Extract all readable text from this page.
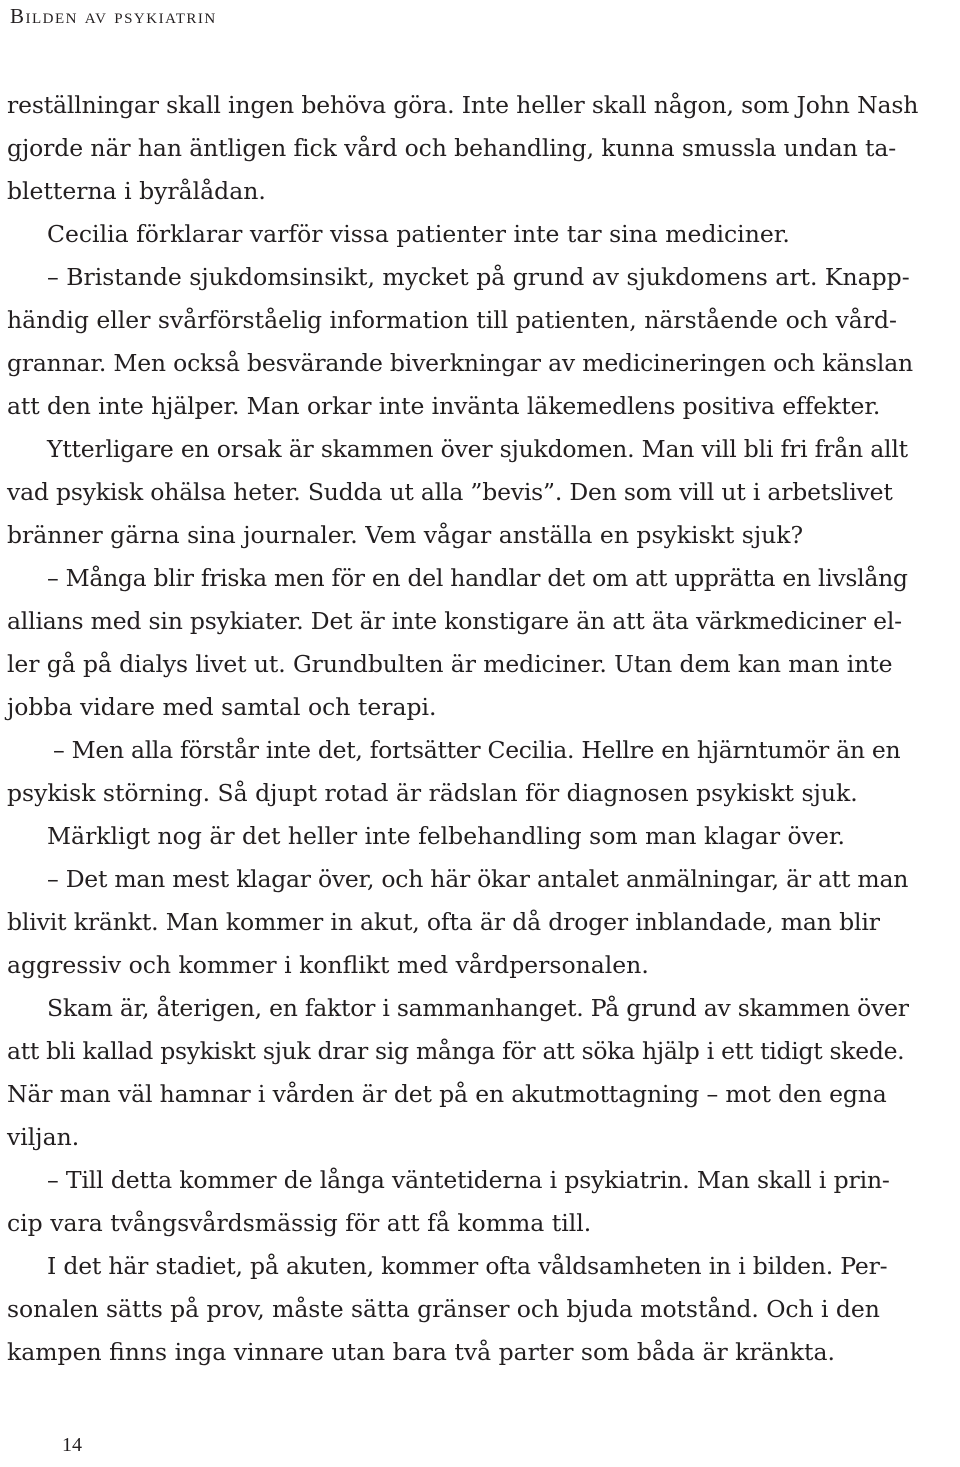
Bilden av psykiatrin
reställningar skall ingen behöva göra. Inte heller skall någon, som John Nash
gjorde när han äntligen fick vård och behandling, kunna smussla undan ta-
bletterna i byrålådan.
Cecilia förklarar varför vissa patienter inte tar sina mediciner.
– Bristande sjukdomsinsikt, mycket på grund av sjukdomens art. Knapp-
händig eller svårförståelig information till patienten, närstående och vård-
grannar. Men också besvärande biverkningar av medicineringen och känslan
att den inte hjälper. Man orkar inte invänta läkemedlens positiva effekter.
Ytterligare en orsak är skammen över sjukdomen. Man vill bli fri från allt
vad psykisk ohälsa heter. Sudda ut alla ”bevis”. Den som vill ut i arbetslivet
bränner gärna sina journaler. Vem vågar anställa en psykiskt sjuk?
– Många blir friska men för en del handlar det om att upprätta en livslång
allians med sin psykiater. Det är inte konstigare än att äta värkmediciner el-
ler gå på dialys livet ut. Grundbulten är mediciner. Utan dem kan man inte
jobba vidare med samtal och terapi.
– Men alla förstår inte det, fortsätter Cecilia. Hellre en hjärntumör än en
psykisk störning. Så djupt rotad är rädslan för diagnosen psykiskt sjuk.
Märkligt nog är det heller inte felbehandling som man klagar över.
– Det man mest klagar över, och här ökar antalet anmälningar, är att man
blivit kränkt. Man kommer in akut, ofta är då droger inblandade, man blir
aggressiv och kommer i konflikt med vårdpersonalen.
Skam är, återigen, en faktor i sammanhanget. På grund av skammen över
att bli kallad psykiskt sjuk drar sig många för att söka hjälp i ett tidigt skede.
När man väl hamnar i vården är det på en akutmottagning – mot den egna
viljan.
– Till detta kommer de långa väntetiderna i psykiatrin. Man skall i prin-
cip vara tvångsvårdsmässig för att få komma till.
I det här stadiet, på akuten, kommer ofta våldsamheten in i bilden. Per-
sonalen sätts på prov, måste sätta gränser och bjuda motstånd. Och i den
kampen finns inga vinnare utan bara två parter som båda är kränkta.
14
